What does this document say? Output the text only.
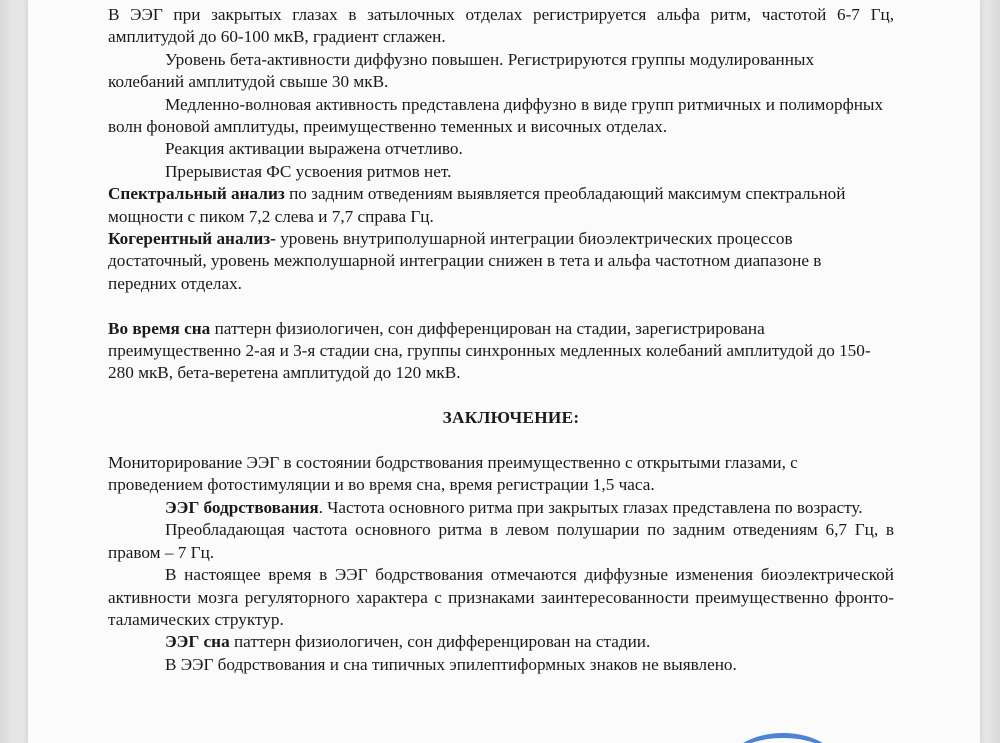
В ЭЭГ при закрытых глазах в затылочных отделах регистрируется альфа ритм, частотой 6-7 Гц, амплитудой до 60-100 мкВ, градиент сглажен.

Уровень бета-активности диффузно повышен. Регистрируются группы модулированных колебаний амплитудой свыше 30 мкВ.

Медленно-волновая активность представлена диффузно в виде групп ритмичных и полиморфных волн фоновой амплитуды, преимущественно теменных и височных отделах.

Реакция активации выражена отчетливо.

Прерывистая ФС усвоения ритмов нет.

Спектральный анализ по задним отведениям выявляется преобладающий максимум спектральной мощности с пиком 7,2 слева и 7,7 справа Гц.

Когерентный анализ- уровень внутриполушарной интеграции биоэлектрических процессов достаточный, уровень межполушарной интеграции снижен в тета и альфа частотном диапазоне в передних отделах.

Во время сна паттерн физиологичен, сон дифференцирован на стадии, зарегистрирована преимущественно 2-ая и 3-я стадии сна, группы синхронных медленных колебаний амплитудой до 150-280 мкВ, бета-веретена амплитудой до 120 мкВ.

ЗАКЛЮЧЕНИЕ:

Мониторирование ЭЭГ в состоянии бодрствования преимущественно с открытыми глазами, с проведением фотостимуляции и во время сна, время регистрации 1,5 часа.

ЭЭГ бодрствования. Частота основного ритма при закрытых глазах представлена по возрасту.

Преобладающая частота основного ритма в левом полушарии по задним отведениям 6,7 Гц, в правом – 7 Гц.

В настоящее время в ЭЭГ бодрствования отмечаются диффузные изменения биоэлектрической активности мозга регуляторного характера с признаками заинтересованности преимущественно фронто-таламических структур.

ЭЭГ сна паттерн физиологичен, сон дифференцирован на стадии.

В ЭЭГ бодрствования и сна типичных эпилептиформных знаков не выявлено.
